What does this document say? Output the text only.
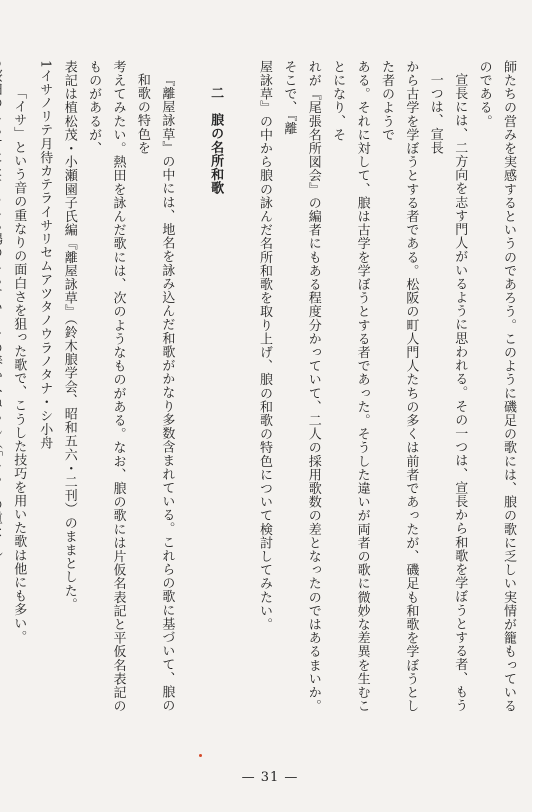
師たちの営みを実感するというのであろう。このように磯足の歌には、朖の歌に乏しい実情が籠もっているのである。
宣長には、二方向を志す門人がいるように思われる。その一つは、宣長から和歌を学ぼうとする者、もう一つは、宣長
から古学を学ぼうとする者である。松阪の町人門人たちの多くは前者であったが、磯足も和歌を学ぼうとした者のようで
ある。それに対して、朖は古学を学ぼうとする者であった。そうした違いが両者の歌に微妙な差異を生むことになり、そ
れが『尾張名所図会』の編者にもある程度分かっていて、二人の採用歌数の差となったのではあるまいか。そこで、『離
屋詠草』の中から朖の詠んだ名所和歌を取り上げ、朖の和歌の特色について検討してみたい。
二　朖の名所和歌
『離屋詠草』の中には、地名を詠み込んだ和歌がかなり多数含まれている。これらの歌に基づいて、朖の和歌の特色を
考えてみたい。熱田を詠んだ歌には、次のようなものがある。なお、朖の歌には片仮名表記と平仮名表記のものがあるが、
表記は植松茂・小瀬園子氏編『離屋詠草』（鈴木朖学会、昭和五六・二刊）のままとした。
1イサノリテ月待カテライサリセムアツタノウラノタナ・シ小舟
「イサ」という音の重なりの面白さを狙った歌で、こうした技巧を用いた歌は他にも多い。
— 31 —
